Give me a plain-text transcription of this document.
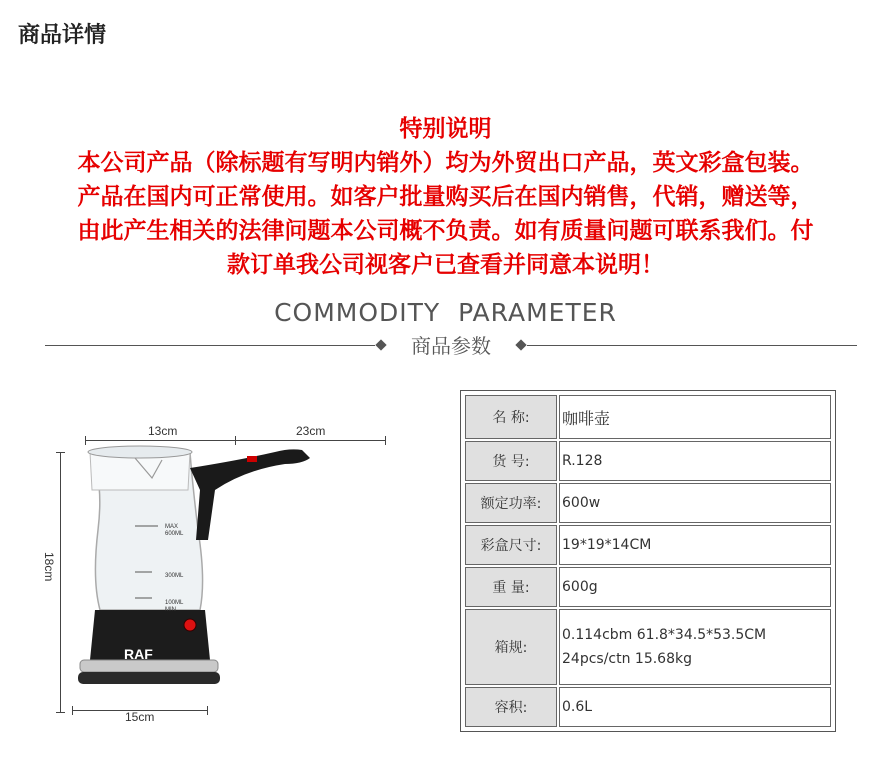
商品详情
特别说明
本公司产品（除标题有写明内销外）均为外贸出口产品，英文彩盒包装。
产品在国内可正常使用。如客户批量购买后在国内销售，代销，赠送等，
由此产生相关的法律问题本公司概不负责。如有质量问题可联系我们。付
款订单我公司视客户已查看并同意本说明！
COMMODITY  PARAMETER
商品参数
13cm	23cm
18cm
15cm
MAX
600ML
300ML
100ML
MIN
RAF
名 称:	咖啡壶
货 号:	R.128
额定功率:	600w
彩盒尺寸:	19*19*14CM
重 量:	600g
箱规:	0.114cbm 61.8*34.5*53.5CM 24pcs/ctn 15.68kg
容积:	0.6L
